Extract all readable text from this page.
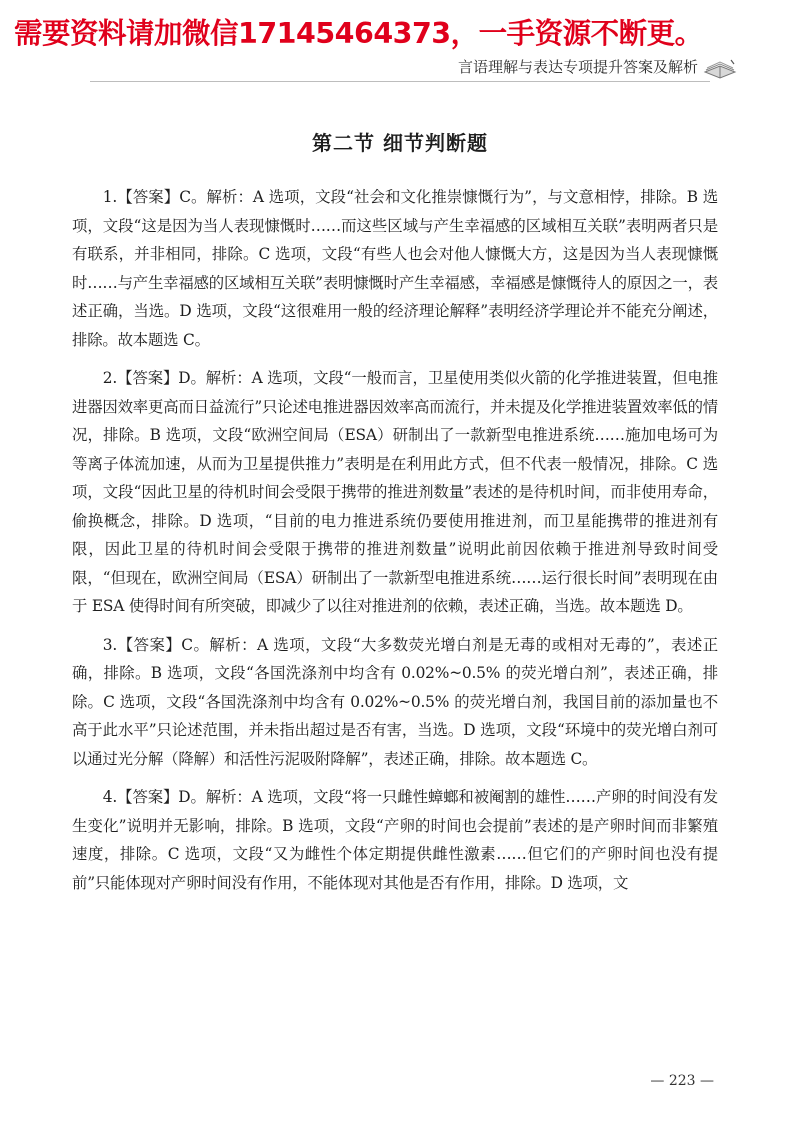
需要资料请加微信17145464373，一手资源不断更。
言语理解与表达专项提升答案及解析
第二节 细节判断题

1.【答案】C。解析：A 选项，文段“社会和文化推崇慷慨行为”，与文意相悖，排除。B 选项，文段“这是因为当人表现慷慨时……而这些区域与产生幸福感的区域相互关联”表明两者只是有联系，并非相同，排除。C 选项，文段“有些人也会对他人慷慨大方，这是因为当人表现慷慨时……与产生幸福感的区域相互关联”表明慷慨时产生幸福感，幸福感是慷慨待人的原因之一，表述正确，当选。D 选项，文段“这很难用一般的经济理论解释”表明经济学理论并不能充分阐述，排除。故本题选 C。

2.【答案】D。解析：A 选项，文段“一般而言，卫星使用类似火箭的化学推进装置，但电推进器因效率更高而日益流行”只论述电推进器因效率高而流行，并未提及化学推进装置效率低的情况，排除。B 选项，文段“欧洲空间局（ESA）研制出了一款新型电推进系统……施加电场可为等离子体流加速，从而为卫星提供推力”表明是在利用此方式，但不代表一般情况，排除。C 选项，文段“因此卫星的待机时间会受限于携带的推进剂数量”表述的是待机时间，而非使用寿命，偷换概念，排除。D 选项，“目前的电力推进系统仍要使用推进剂，而卫星能携带的推进剂有限，因此卫星的待机时间会受限于携带的推进剂数量”说明此前因依赖于推进剂导致时间受限，“但现在，欧洲空间局（ESA）研制出了一款新型电推进系统……运行很长时间”表明现在由于 ESA 使得时间有所突破，即减少了以往对推进剂的依赖，表述正确，当选。故本题选 D。

3.【答案】C。解析：A 选项，文段“大多数荧光增白剂是无毒的或相对无毒的”，表述正确，排除。B 选项，文段“各国洗涤剂中均含有 0.02%~0.5% 的荧光增白剂”，表述正确，排除。C 选项，文段“各国洗涤剂中均含有 0.02%~0.5% 的荧光增白剂，我国目前的添加量也不高于此水平”只论述范围，并未指出超过是否有害，当选。D 选项，文段“环境中的荧光增白剂可以通过光分解（降解）和活性污泥吸附降解”，表述正确，排除。故本题选 C。

4.【答案】D。解析：A 选项，文段“将一只雌性蟑螂和被阉割的雄性……产卵的时间没有发生变化”说明并无影响，排除。B 选项，文段“产卵的时间也会提前”表述的是产卵时间而非繁殖速度，排除。C 选项，文段“又为雌性个体定期提供雌性激素……但它们的产卵时间也没有提前”只能体现对产卵时间没有作用，不能体现对其他是否有作用，排除。D 选项，文

— 223 —
